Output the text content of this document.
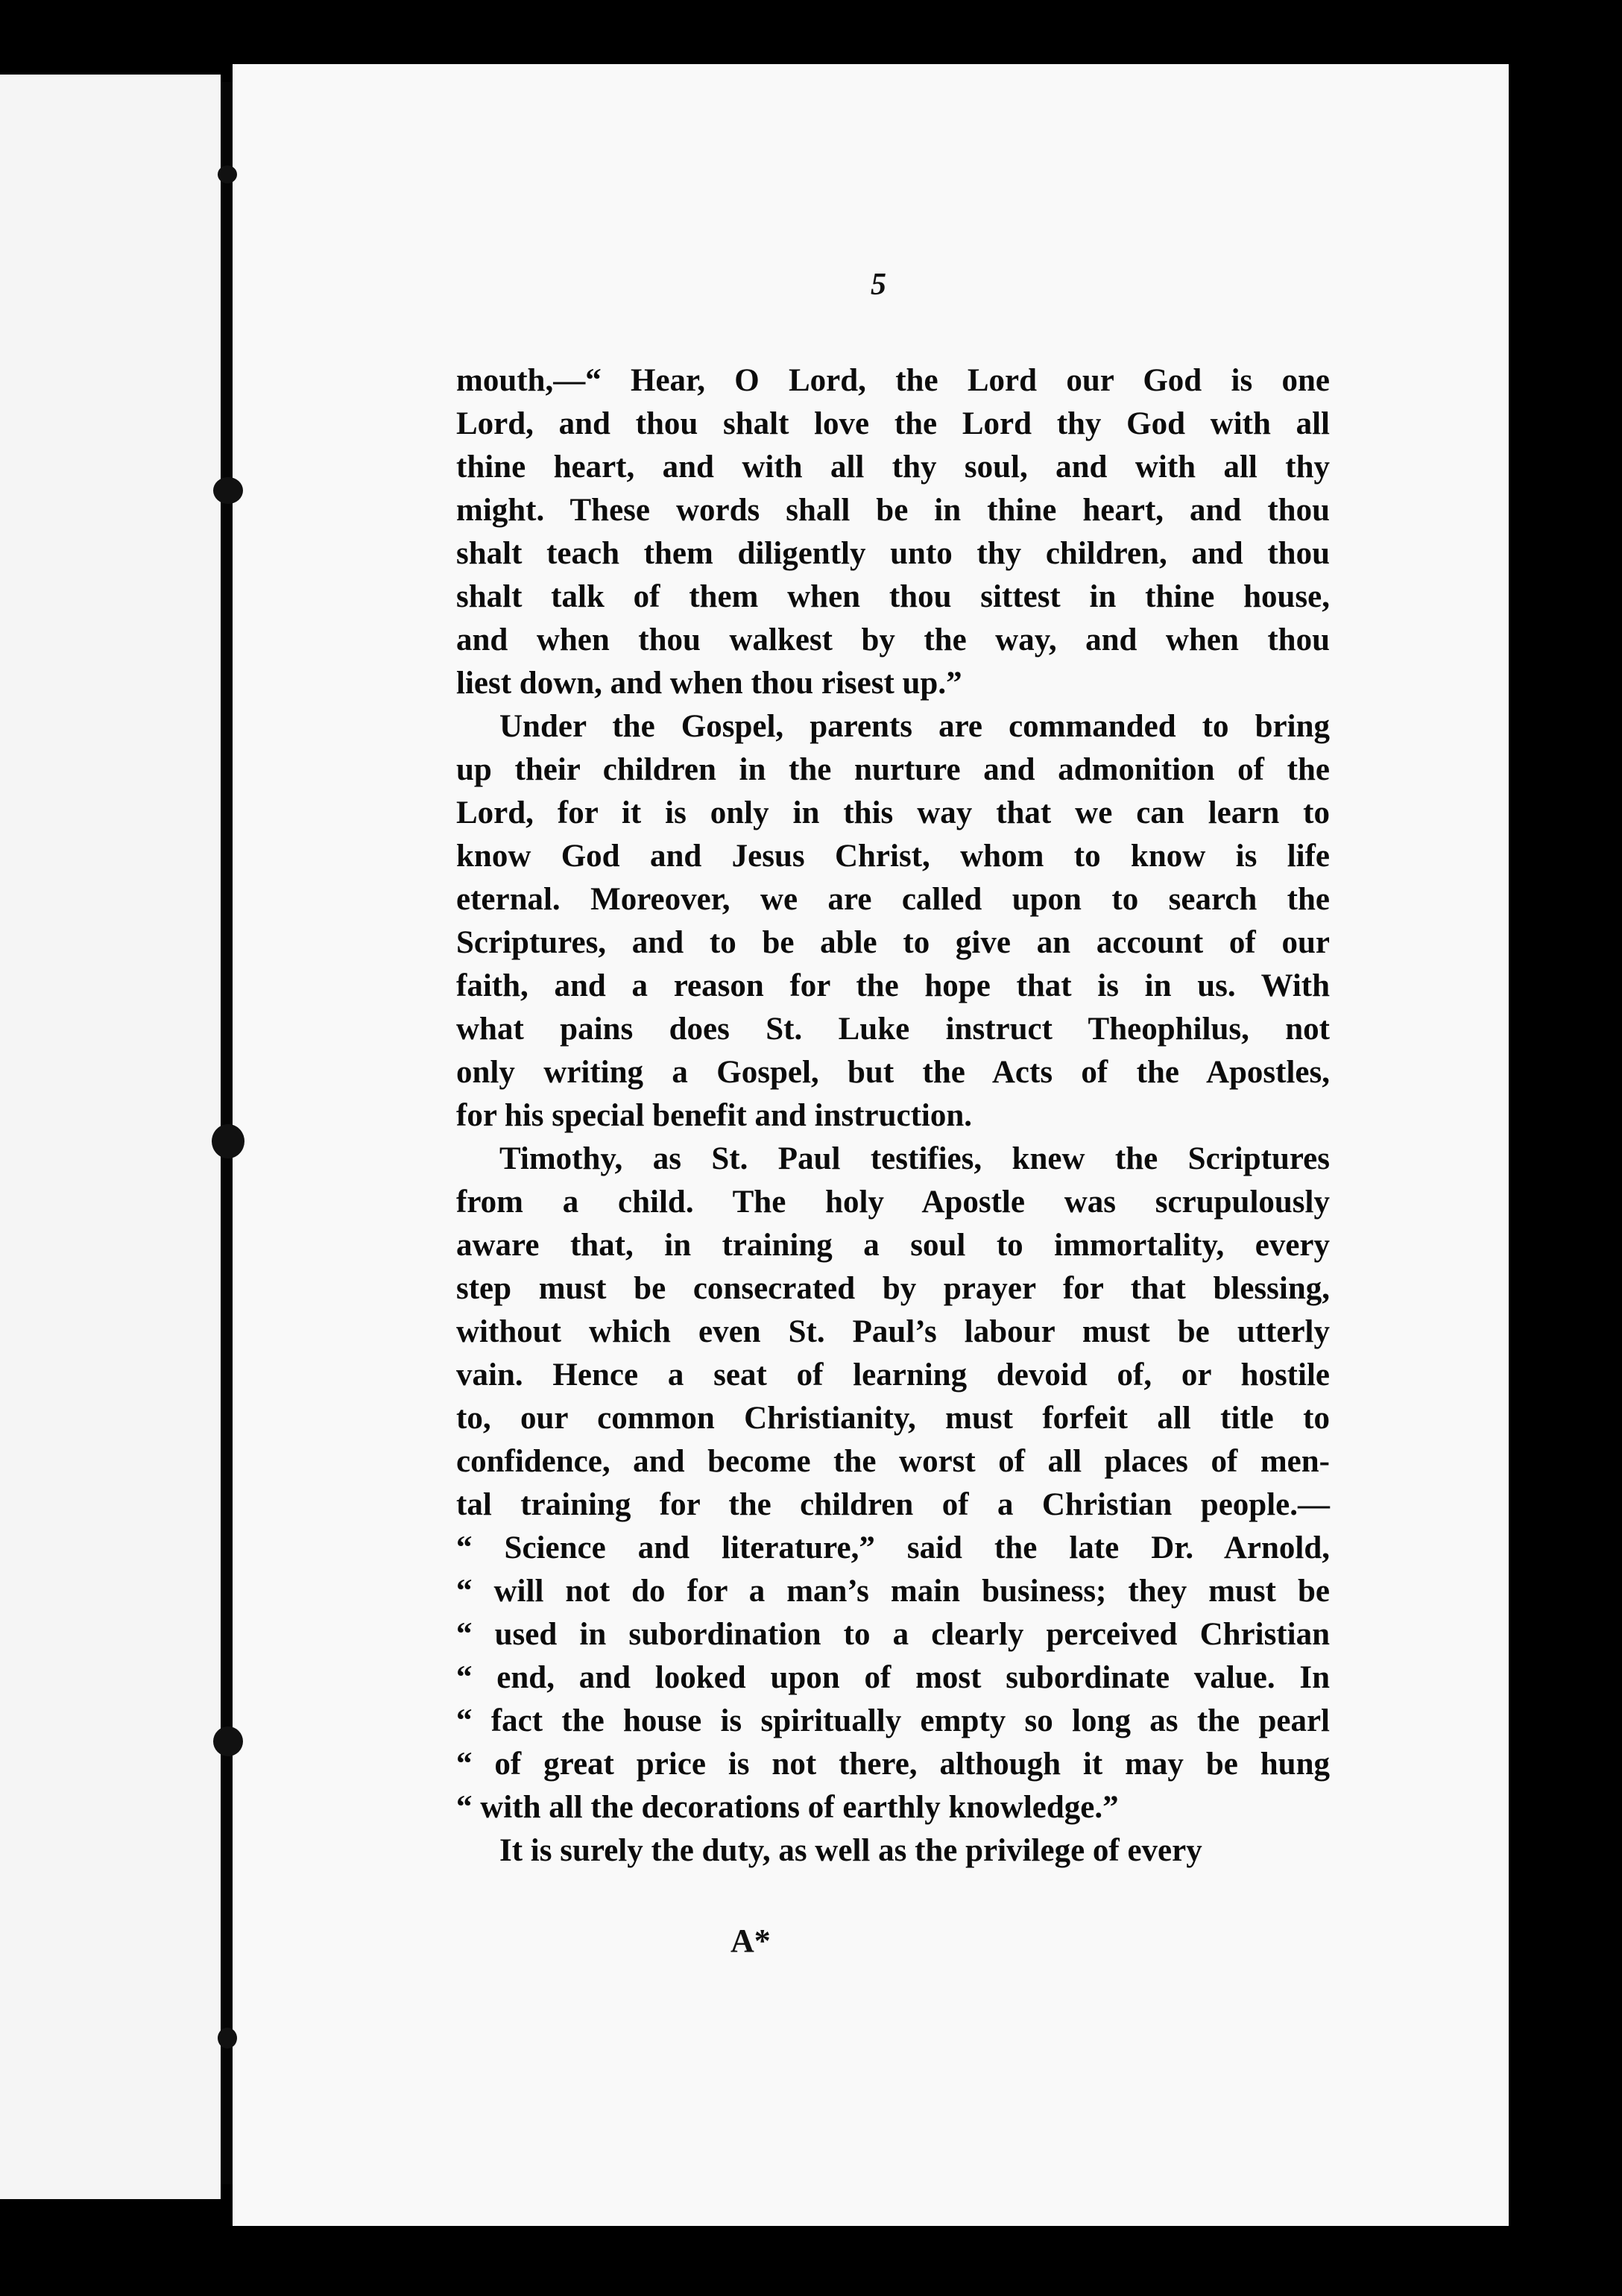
5
mouth,—“ Hear, O Lord, the Lord our God is one
Lord, and thou shalt love the Lord thy God with all
thine heart, and with all thy soul, and with all thy
might. These words shall be in thine heart, and thou
shalt teach them diligently unto thy children, and thou
shalt talk of them when thou sittest in thine house,
and when thou walkest by the way, and when thou
liest down, and when thou risest up.”
Under the Gospel, parents are commanded to bring
up their children in the nurture and admonition of the
Lord, for it is only in this way that we can learn to
know God and Jesus Christ, whom to know is life
eternal. Moreover, we are called upon to search the
Scriptures, and to be able to give an account of our
faith, and a reason for the hope that is in us. With
what pains does St. Luke instruct Theophilus, not
only writing a Gospel, but the Acts of the Apostles,
for his special benefit and instruction.
Timothy, as St. Paul testifies, knew the Scriptures
from a child. The holy Apostle was scrupulously
aware that, in training a soul to immortality, every
step must be consecrated by prayer for that blessing,
without which even St. Paul’s labour must be utterly
vain. Hence a seat of learning devoid of, or hostile
to, our common Christianity, must forfeit all title to
confidence, and become the worst of all places of men-
tal training for the children of a Christian people.—
“ Science and literature,” said the late Dr. Arnold,
“ will not do for a man’s main business; they must be
“ used in subordination to a clearly perceived Christian
“ end, and looked upon of most subordinate value. In
“ fact the house is spiritually empty so long as the pearl
“ of great price is not there, although it may be hung
“ with all the decorations of earthly knowledge.”
It is surely the duty, as well as the privilege of every
A*
